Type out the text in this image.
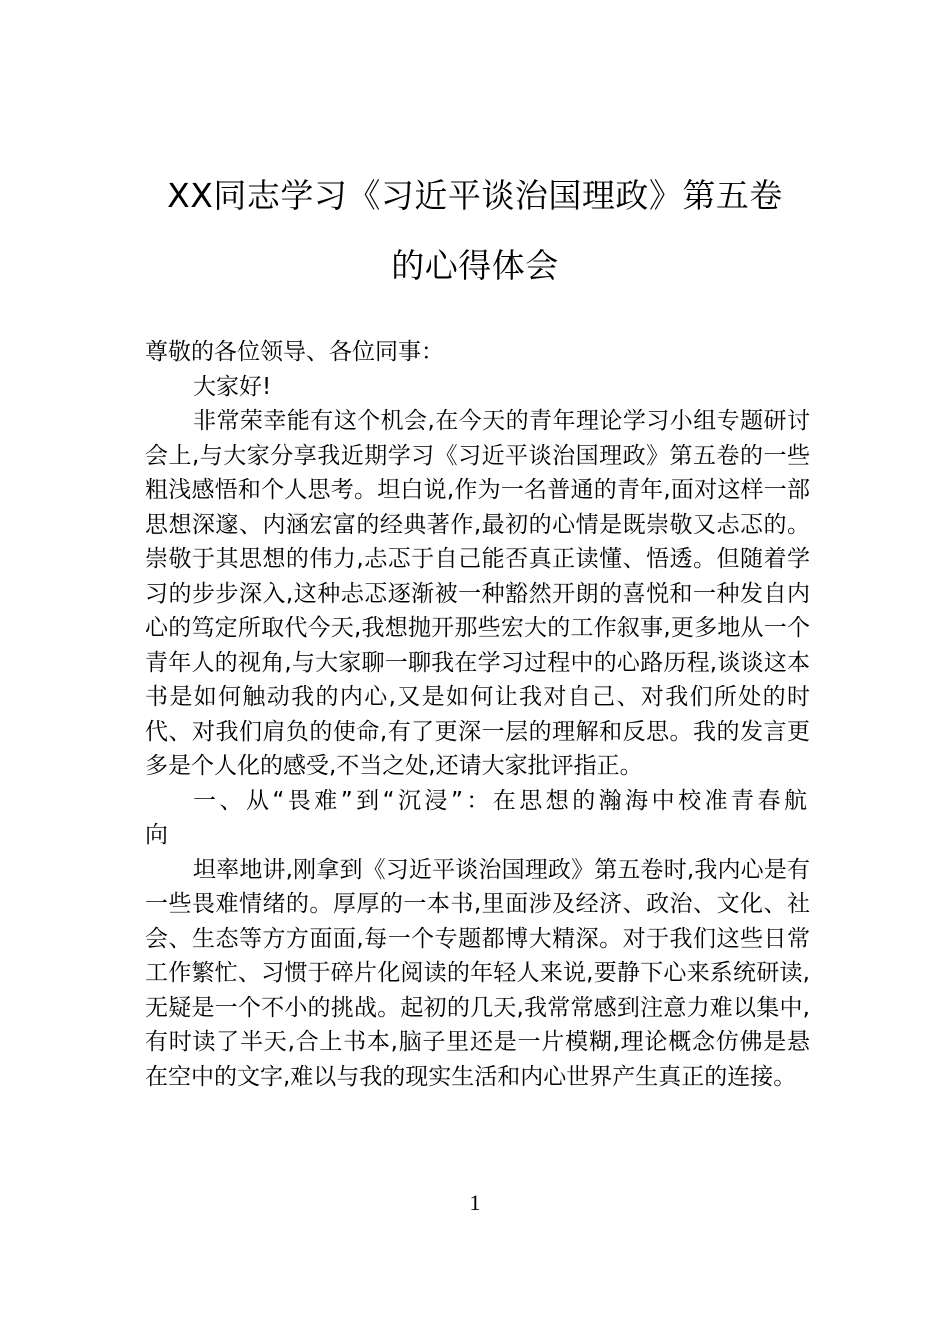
XX同志学习《习近平谈治国理政》第五卷
的心得体会

尊敬的各位领导、各位同事：

大家好!

非常荣幸能有这个机会,在今天的青年理论学习小组专题研讨会上,与大家分享我近期学习《习近平谈治国理政》第五卷的一些粗浅感悟和个人思考。坦白说,作为一名普通的青年,面对这样一部思想深邃、内涵宏富的经典著作,最初的心情是既崇敬又忐忑的。崇敬于其思想的伟力,忐忑于自己能否真正读懂、悟透。但随着学习的步步深入,这种忐忑逐渐被一种豁然开朗的喜悦和一种发自内心的笃定所取代今天,我想抛开那些宏大的工作叙事,更多地从一个青年人的视角,与大家聊一聊我在学习过程中的心路历程,谈谈这本书是如何触动我的内心,又是如何让我对自己、对我们所处的时代、对我们肩负的使命,有了更深一层的理解和反思。我的发言更多是个人化的感受,不当之处,还请大家批评指正。

一、从“畏难”到“沉浸”：在思想的瀚海中校准青春航向

坦率地讲,刚拿到《习近平谈治国理政》第五卷时,我内心是有一些畏难情绪的。厚厚的一本书,里面涉及经济、政治、文化、社会、生态等方方面面,每一个专题都博大精深。对于我们这些日常工作繁忙、习惯于碎片化阅读的年轻人来说,要静下心来系统研读,无疑是一个不小的挑战。起初的几天,我常常感到注意力难以集中,有时读了半天,合上书本,脑子里还是一片模糊,理论概念仿佛是悬在空中的文字,难以与我的现实生活和内心世界产生真正的连接。

1
